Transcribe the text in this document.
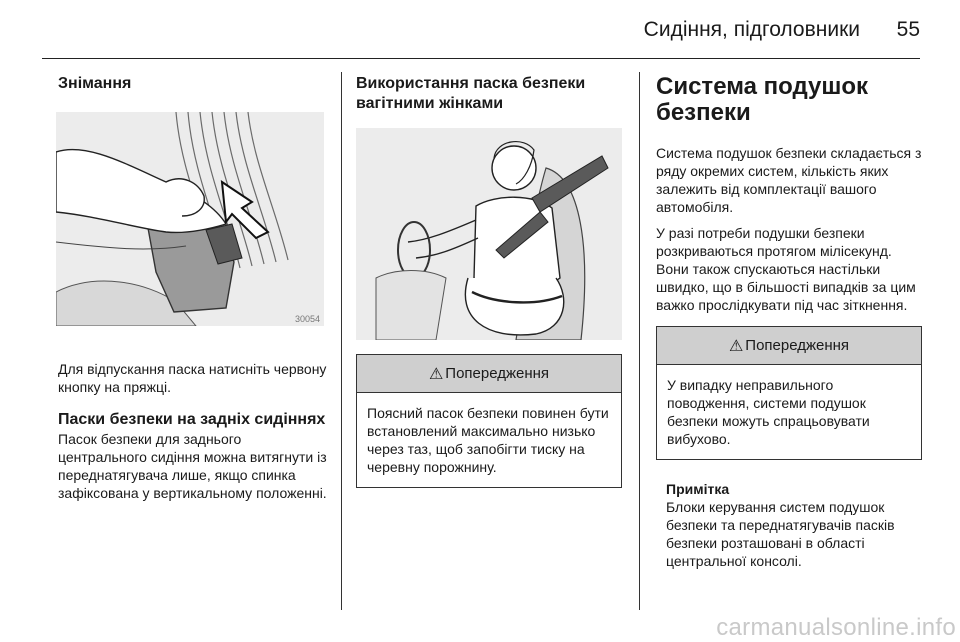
Сидіння, підголовники 55
Знімання
30054

Для відпускання паска натисніть червону кнопку на пряжці.

Паски безпеки на задніх сидіннях

Пасок безпеки для заднього центрального сидіння можна витягнути із переднатягувача лише, якщо спинка зафіксована у вертикальному положенні.

Використання паска безпеки вагітними жінками
⚠ Попередження
Поясний пасок безпеки повинен бути встановлений максимально низько через таз, щоб запобігти тиску на черевну порожнину.
Система подушок безпеки

Система подушок безпеки складається з ряду окремих систем, кількість яких залежить від комплектації вашого автомобіля.

У разі потреби подушки безпеки розкриваються протягом мілісекунд. Вони також спускаються настільки швидко, що в більшості випадків за цим важко прослідкувати під час зіткнення.

⚠ Попередження
У випадку неправильного поводження, системи подушок безпеки можуть спрацьовувати вибухово.
Примітка

Блоки керування систем подушок безпеки та переднатягувачів пасків безпеки розташовані в області центральної консолі.

carmanualsonline.info
